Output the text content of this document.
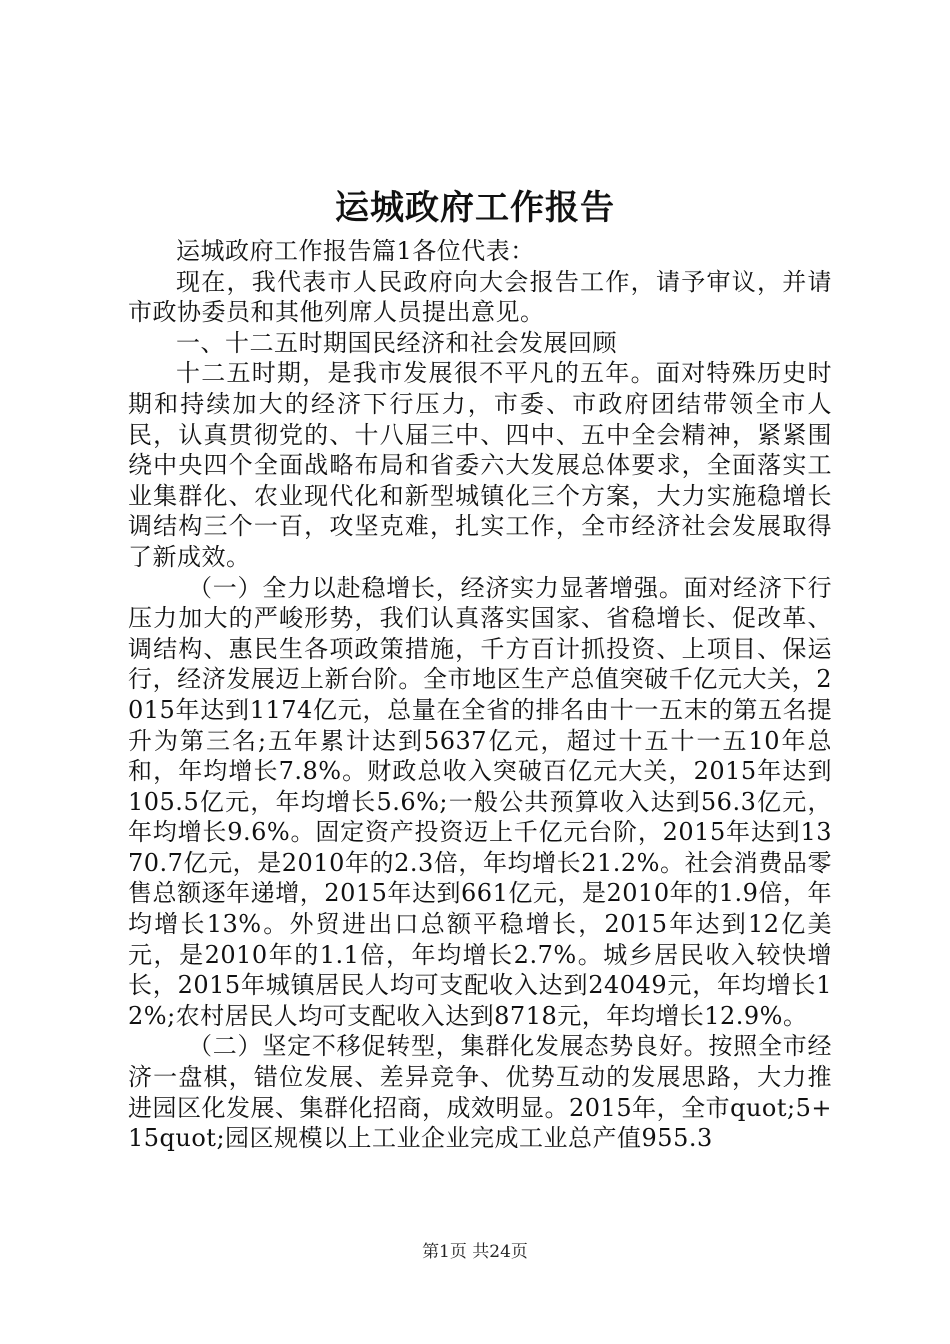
运城政府工作报告

运城政府工作报告篇1各位代表：

现在，我代表市人民政府向大会报告工作，请予审议，并请市政协委员和其他列席人员提出意见。

一、十二五时期国民经济和社会发展回顾

十二五时期，是我市发展很不平凡的五年。面对特殊历史时期和持续加大的经济下行压力，市委、市政府团结带领全市人民，认真贯彻党的、十八届三中、四中、五中全会精神，紧紧围绕中央四个全面战略布局和省委六大发展总体要求，全面落实工业集群化、农业现代化和新型城镇化三个方案，大力实施稳增长调结构三个一百，攻坚克难，扎实工作，全市经济社会发展取得了新成效。

（一）全力以赴稳增长，经济实力显著增强。面对经济下行压力加大的严峻形势，我们认真落实国家、省稳增长、促改革、调结构、惠民生各项政策措施，千方百计抓投资、上项目、保运行，经济发展迈上新台阶。全市地区生产总值突破千亿元大关，2015年达到1174亿元，总量在全省的排名由十一五末的第五名提升为第三名;五年累计达到5637亿元，超过十五十一五10年总和，年均增长7.8%。财政总收入突破百亿元大关，2015年达到105.5亿元，年均增长5.6%;一般公共预算收入达到56.3亿元，年均增长9.6%。固定资产投资迈上千亿元台阶，2015年达到1370.7亿元，是2010年的2.3倍，年均增长21.2%。社会消费品零售总额逐年递增，2015年达到661亿元，是2010年的1.9倍，年均增长13%。外贸进出口总额平稳增长，2015年达到12亿美元，是2010年的1.1倍，年均增长2.7%。城乡居民收入较快增长，2015年城镇居民人均可支配收入达到24049元，年均增长12%;农村居民人均可支配收入达到8718元，年均增长12.9%。

（二）坚定不移促转型，集群化发展态势良好。按照全市经济一盘棋，错位发展、差异竞争、优势互动的发展思路，大力推进园区化发展、集群化招商，成效明显。2015年，全市quot;5+15quot;园区规模以上工业企业完成工业总产值955.3

第1页 共24页
